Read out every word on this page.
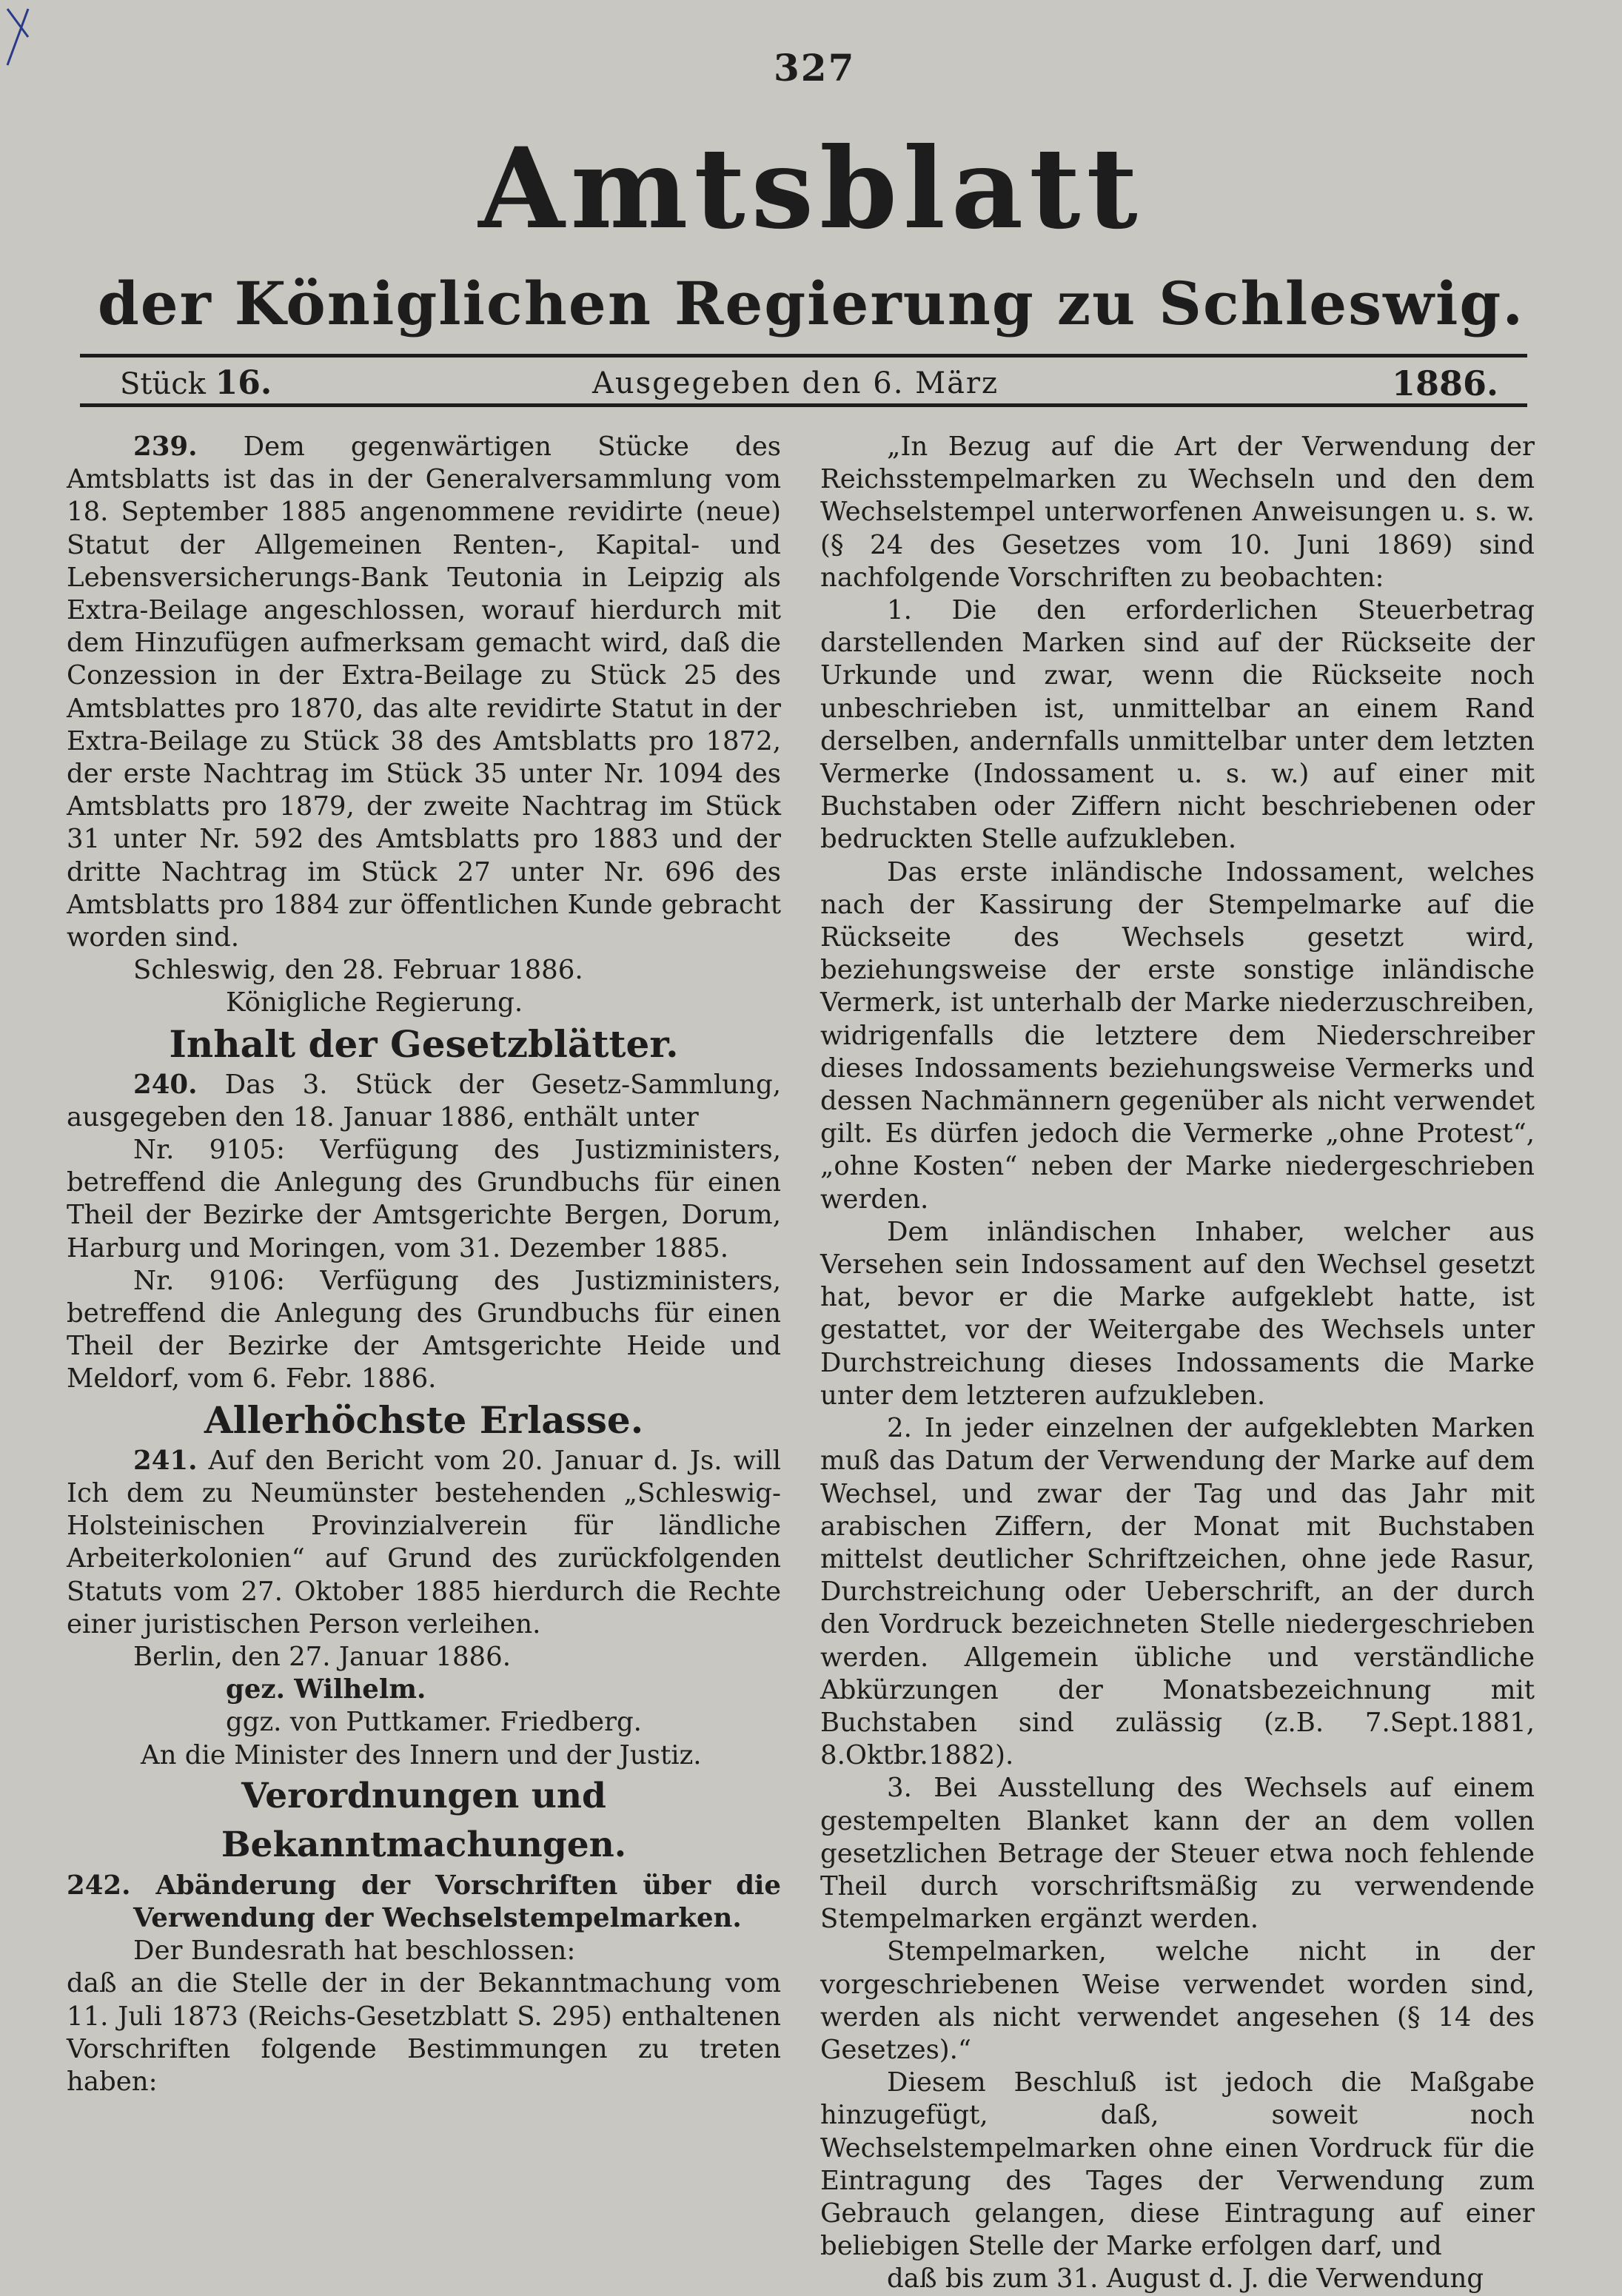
327
Amtsblatt
der Königlichen Regierung zu Schleswig.
Stück 16.	Ausgegeben den 6. März	1886.

239. Dem gegenwärtigen Stücke des Amtsblatts ist das in der Generalversammlung vom 18. September 1885 angenommene revidirte (neue) Statut der Allgemeinen Renten-, Kapital- und Lebensversicherungs-Bank Teutonia in Leipzig als Extra-Beilage angeschlossen, worauf hierdurch mit dem Hinzufügen aufmerksam gemacht wird, daß die Conzession in der Extra-Beilage zu Stück 25 des Amtsblattes pro 1870, das alte revidirte Statut in der Extra-Beilage zu Stück 38 des Amtsblatts pro 1872, der erste Nachtrag im Stück 35 unter Nr. 1094 des Amtsblatts pro 1879, der zweite Nachtrag im Stück 31 unter Nr. 592 des Amtsblatts pro 1883 und der dritte Nachtrag im Stück 27 unter Nr. 696 des Amtsblatts pro 1884 zur öffentlichen Kunde gebracht worden sind.

Schleswig, den 28. Februar 1886.

Königliche Regierung.

Inhalt der Gesetzblätter.

240. Das 3. Stück der Gesetz-Sammlung, ausgegeben den 18. Januar 1886, enthält unter

Nr. 9105: Verfügung des Justizministers, betreffend die Anlegung des Grundbuchs für einen Theil der Bezirke der Amtsgerichte Bergen, Dorum, Harburg und Moringen, vom 31. Dezember 1885.

Nr. 9106: Verfügung des Justizministers, betreffend die Anlegung des Grundbuchs für einen Theil der Bezirke der Amtsgerichte Heide und Meldorf, vom 6. Febr. 1886.

Allerhöchste Erlasse.

241. Auf den Bericht vom 20. Januar d. Js. will Ich dem zu Neumünster bestehenden „Schleswig-Holsteinischen Provinzialverein für ländliche Arbeiterkolonien“ auf Grund des zurückfolgenden Statuts vom 27. Oktober 1885 hierdurch die Rechte einer juristischen Person verleihen.

Berlin, den 27. Januar 1886.

gez. Wilhelm.

ggz. von Puttkamer. Friedberg.

An die Minister des Innern und der Justiz.

Verordnungen und Bekanntmachungen.

242. Abänderung der Vorschriften über die Verwendung der Wechselstempelmarken.

Der Bundesrath hat beschlossen:

daß an die Stelle der in der Bekanntmachung vom 11. Juli 1873 (Reichs-Gesetzblatt S. 295) enthaltenen Vorschriften folgende Bestimmungen zu treten haben:

„In Bezug auf die Art der Verwendung der Reichsstempelmarken zu Wechseln und den dem Wechselstempel unterworfenen Anweisungen u. s. w. (§ 24 des Gesetzes vom 10. Juni 1869) sind nachfolgende Vorschriften zu beobachten:

1. Die den erforderlichen Steuerbetrag darstellenden Marken sind auf der Rückseite der Urkunde und zwar, wenn die Rückseite noch unbeschrieben ist, unmittelbar an einem Rand derselben, andernfalls unmittelbar unter dem letzten Vermerke (Indossament u. s. w.) auf einer mit Buchstaben oder Ziffern nicht beschriebenen oder bedruckten Stelle aufzukleben.

Das erste inländische Indossament, welches nach der Kassirung der Stempelmarke auf die Rückseite des Wechsels gesetzt wird, beziehungsweise der erste sonstige inländische Vermerk, ist unterhalb der Marke niederzuschreiben, widrigenfalls die letztere dem Niederschreiber dieses Indossaments beziehungsweise Vermerks und dessen Nachmännern gegenüber als nicht verwendet gilt. Es dürfen jedoch die Vermerke „ohne Protest“, „ohne Kosten“ neben der Marke niedergeschrieben werden.

Dem inländischen Inhaber, welcher aus Versehen sein Indossament auf den Wechsel gesetzt hat, bevor er die Marke aufgeklebt hatte, ist gestattet, vor der Weitergabe des Wechsels unter Durchstreichung dieses Indossaments die Marke unter dem letzteren aufzukleben.

2. In jeder einzelnen der aufgeklebten Marken muß das Datum der Verwendung der Marke auf dem Wechsel, und zwar der Tag und das Jahr mit arabischen Ziffern, der Monat mit Buchstaben mittelst deutlicher Schriftzeichen, ohne jede Rasur, Durchstreichung oder Ueberschrift, an der durch den Vordruck bezeichneten Stelle niedergeschrieben werden. Allgemein übliche und verständliche Abkürzungen der Monatsbezeichnung mit Buchstaben sind zulässig (z.B. 7.Sept.1881, 8.Oktbr.1882).

3. Bei Ausstellung des Wechsels auf einem gestempelten Blanket kann der an dem vollen gesetzlichen Betrage der Steuer etwa noch fehlende Theil durch vorschriftsmäßig zu verwendende Stempelmarken ergänzt werden.

Stempelmarken, welche nicht in der vorgeschriebenen Weise verwendet worden sind, werden als nicht verwendet angesehen (§ 14 des Gesetzes).“

Diesem Beschluß ist jedoch die Maßgabe hinzugefügt, daß, soweit noch Wechselstempelmarken ohne einen Vordruck für die Eintragung des Tages der Verwendung zum Gebrauch gelangen, diese Eintragung auf einer beliebigen Stelle der Marke erfolgen darf, und

daß bis zum 31. August d. J. die Verwendung
